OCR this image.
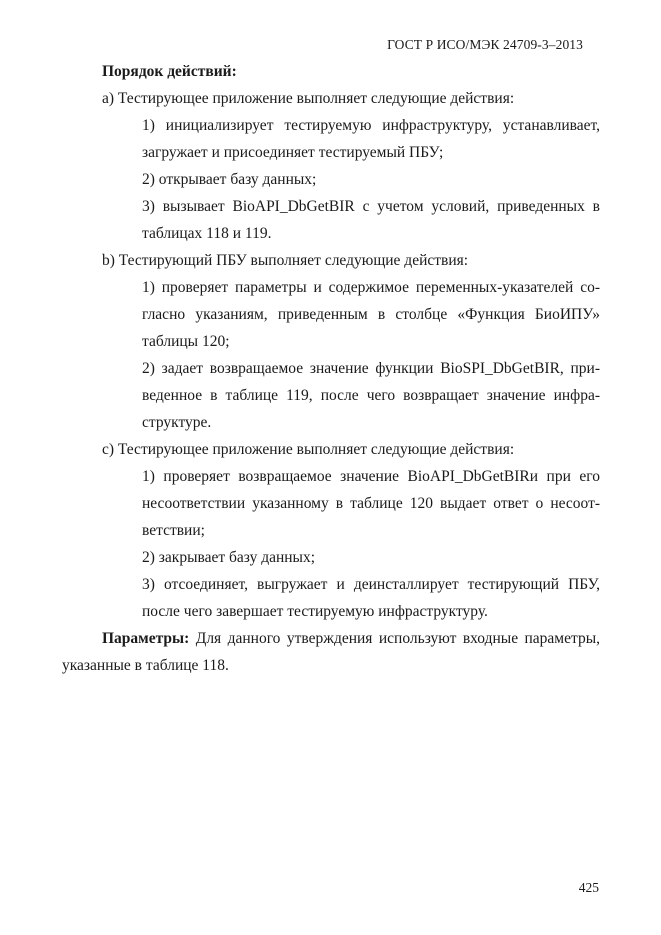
ГОСТ Р ИСО/МЭК 24709-3–2013
Порядок действий:
a) Тестирующее приложение выполняет следующие действия:
1) инициализирует тестируемую инфраструктуру, устанавливает,
загружает и присоединяет тестируемый ПБУ;
2) открывает базу данных;
3) вызывает BioAPI_DbGetBIR с учетом условий, приведенных в
таблицах 118 и 119.
b) Тестирующий ПБУ выполняет следующие действия:
1) проверяет параметры и содержимое переменных-указателей со-
гласно указаниям, приведенным в столбце «Функция БиоИПУ»
таблицы 120;
2) задает возвращаемое значение функции BioSPI_DbGetBIR, при-
веденное в таблице 119, после чего возвращает значение инфра-
структуре.
c) Тестирующее приложение выполняет следующие действия:
1) проверяет возвращаемое значение BioAPI_DbGetBIRи при его
несоответствии указанному в таблице 120 выдает ответ о несоот-
ветствии;
2) закрывает базу данных;
3) отсоединяет, выгружает и деинсталлирует тестирующий ПБУ,
после чего завершает тестируемую инфраструктуру.
Параметры: Для данного утверждения используют входные параметры,
указанные в таблице 118.
425
